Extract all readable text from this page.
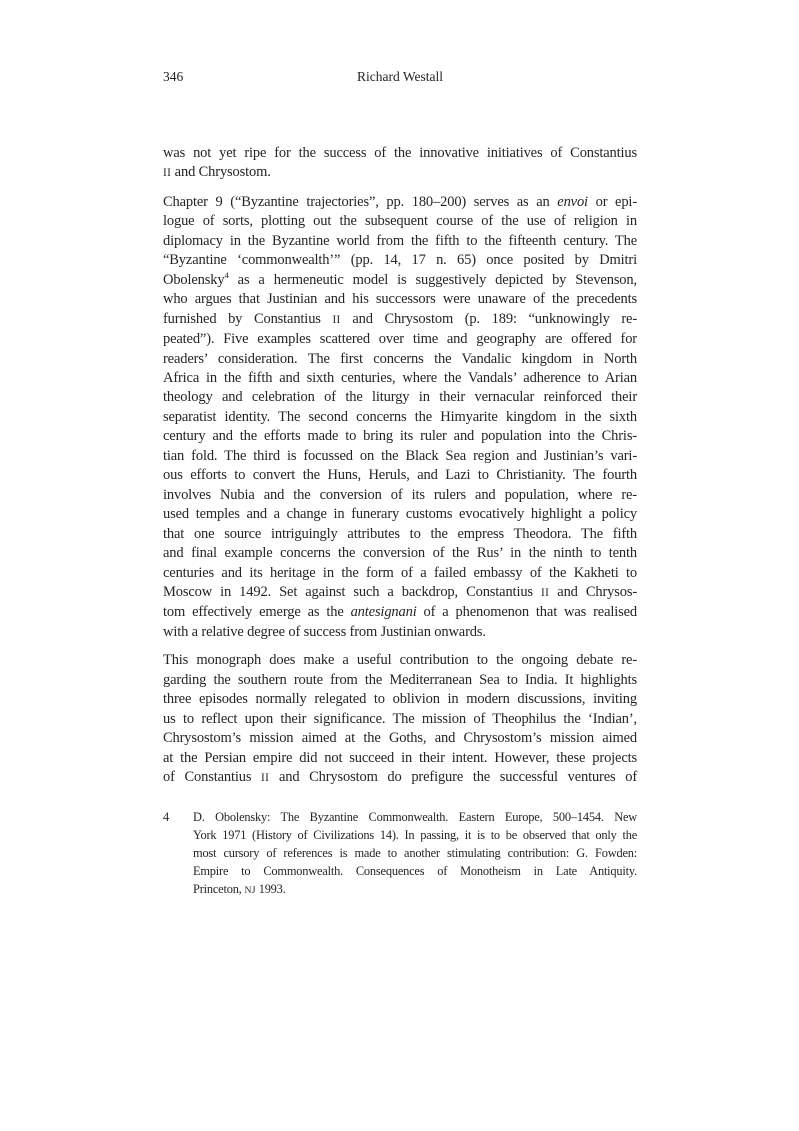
346	Richard Westall
was not yet ripe for the success of the innovative initiatives of Constantius
II and Chrysostom.
Chapter 9 (“Byzantine trajectories”, pp. 180–200) serves as an envoi or epi-
logue of sorts, plotting out the subsequent course of the use of religion in
diplomacy in the Byzantine world from the fifth to the fifteenth century. The
“Byzantine ‘commonwealth’” (pp. 14, 17 n. 65) once posited by Dmitri
Obolensky$^4$ as a hermeneutic model is suggestively depicted by Stevenson,
who argues that Justinian and his successors were unaware of the precedents
furnished by Constantius II and Chrysostom (p. 189: “unknowingly re-
peated”). Five examples scattered over time and geography are offered for
readers’ consideration. The first concerns the Vandalic kingdom in North
Africa in the fifth and sixth centuries, where the Vandals’ adherence to Arian
theology and celebration of the liturgy in their vernacular reinforced their
separatist identity. The second concerns the Himyarite kingdom in the sixth
century and the efforts made to bring its ruler and population into the Chris-
tian fold. The third is focussed on the Black Sea region and Justinian’s vari-
ous efforts to convert the Huns, Heruls, and Lazi to Christianity. The fourth
involves Nubia and the conversion of its rulers and population, where re-
used temples and a change in funerary customs evocatively highlight a policy
that one source intriguingly attributes to the empress Theodora. The fifth
and final example concerns the conversion of the Rus’ in the ninth to tenth
centuries and its heritage in the form of a failed embassy of the Kakheti to
Moscow in 1492. Set against such a backdrop, Constantius II and Chrysos-
tom effectively emerge as the antesignani of a phenomenon that was realised
with a relative degree of success from Justinian onwards.
This monograph does make a useful contribution to the ongoing debate re-
garding the southern route from the Mediterranean Sea to India. It highlights
three episodes normally relegated to oblivion in modern discussions, inviting
us to reflect upon their significance. The mission of Theophilus the ‘Indian’,
Chrysostom’s mission aimed at the Goths, and Chrysostom’s mission aimed
at the Persian empire did not succeed in their intent. However, these projects
of Constantius II and Chrysostom do prefigure the successful ventures of
4	D. Obolensky: The Byzantine Commonwealth. Eastern Europe, 500–1454. New
York 1971 (History of Civilizations 14). In passing, it is to be observed that only the
most cursory of references is made to another stimulating contribution: G. Fowden:
Empire to Commonwealth. Consequences of Monotheism in Late Antiquity.
Princeton, NJ 1993.
